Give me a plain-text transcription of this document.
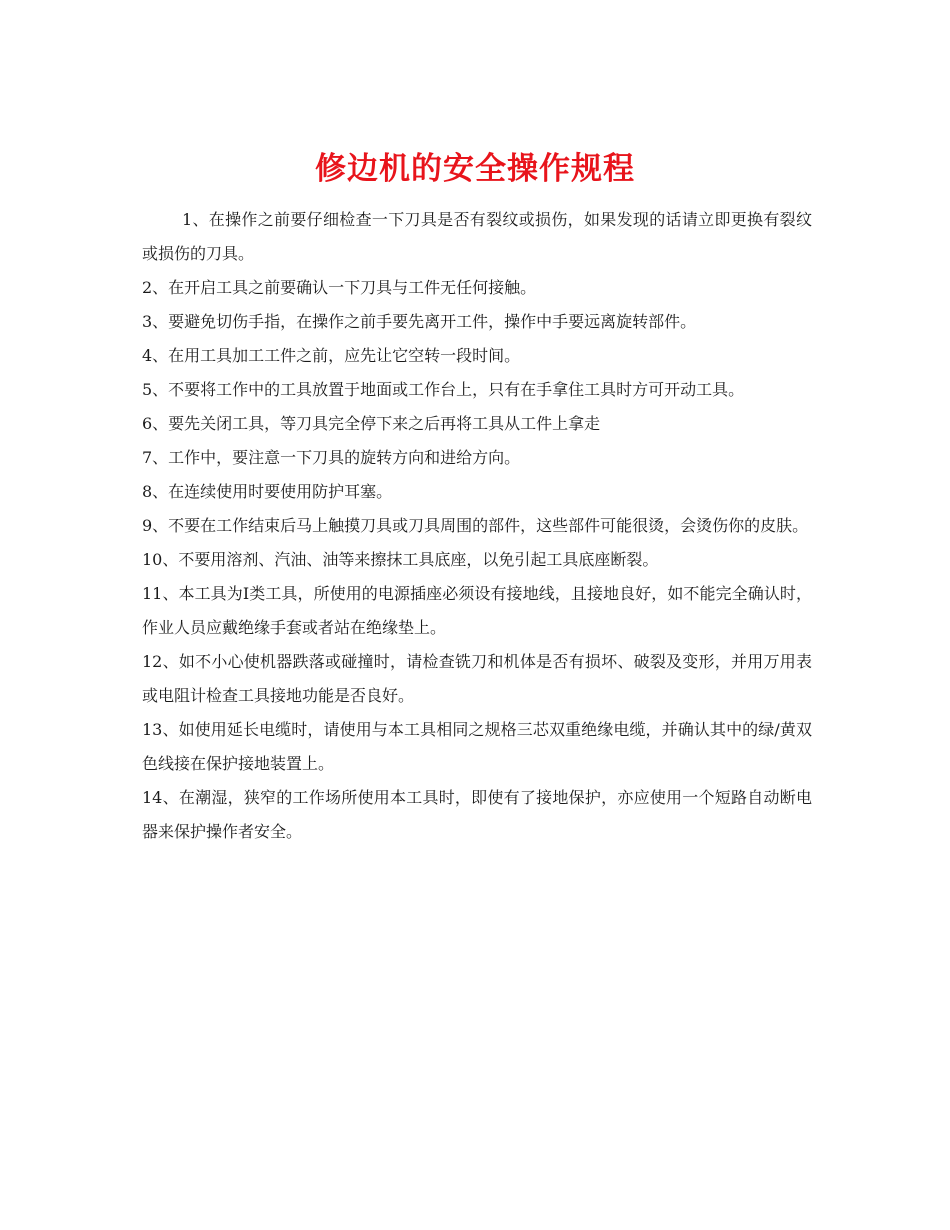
修边机的安全操作规程

1、在操作之前要仔细检查一下刀具是否有裂纹或损伤，如果发现的话请立即更换有裂纹或损伤的刀具。

2、在开启工具之前要确认一下刀具与工件无任何接触。

3、要避免切伤手指，在操作之前手要先离开工件，操作中手要远离旋转部件。

4、在用工具加工工件之前，应先让它空转一段时间。

5、不要将工作中的工具放置于地面或工作台上，只有在手拿住工具时方可开动工具。

6、要先关闭工具，等刀具完全停下来之后再将工具从工件上拿走

7、工作中，要注意一下刀具的旋转方向和进给方向。

8、在连续使用时要使用防护耳塞。

9、不要在工作结束后马上触摸刀具或刀具周围的部件，这些部件可能很烫，会烫伤你的皮肤。

10、不要用溶剂、汽油、油等来擦抹工具底座，以免引起工具底座断裂。

11、本工具为Ⅰ类工具，所使用的电源插座必须设有接地线，且接地良好，如不能完全确认时，作业人员应戴绝缘手套或者站在绝缘垫上。

12、如不小心使机器跌落或碰撞时，请检查铣刀和机体是否有损坏、破裂及变形，并用万用表或电阻计检查工具接地功能是否良好。

13、如使用延长电缆时，请使用与本工具相同之规格三芯双重绝缘电缆，并确认其中的绿/黄双色线接在保护接地装置上。

14、在潮湿，狭窄的工作场所使用本工具时，即使有了接地保护，亦应使用一个短路自动断电器来保护操作者安全。
